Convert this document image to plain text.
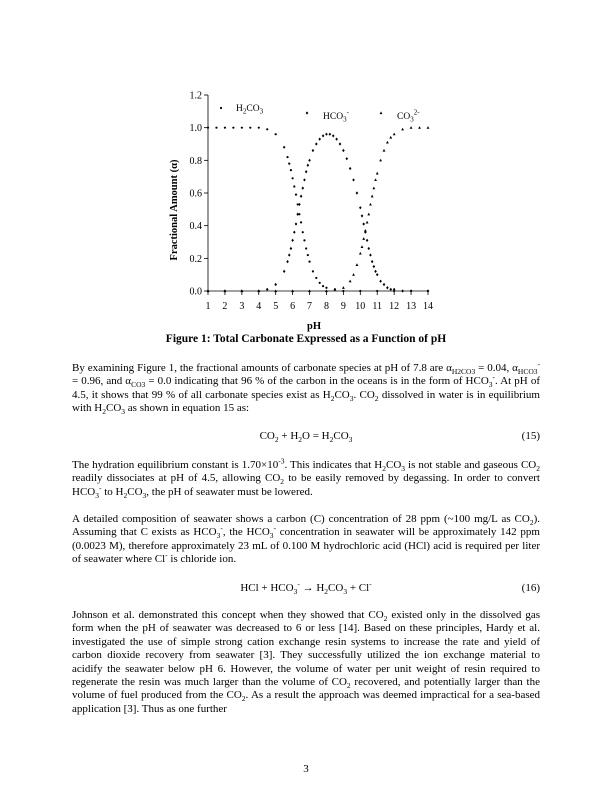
0.0
0.2
0.4
0.6
0.8
1.0
1.2
1 2 3 4 5 6 7 8 9 10 11 12 13 14
$H_2CO_3$
$HCO_3^-$	$CO_3^{2-}$
pH
Fractional Amount (α)
Figure 1: Total Carbonate Expressed as a Function of pH

By examining Figure 1, the fractional amounts of carbonate species at pH of 7.8 are $\alpha_{H2CO3} = 0.04$, $\alpha_{HCO3}^- = 0.96$, and $\alpha_{CO3} = 0.0$ indicating that 96 % of the carbon in the oceans is in the form of $HCO_3^-$. At pH of 4.5, it shows that 99 % of all carbonate species exist as $H_2CO_3$. $CO_2$ dissolved in water is in equilibrium with $H_2CO_3$ as shown in equation 15 as:

$CO_2 + H_2O = H_2CO_3$	(15)

The hydration equilibrium constant is $1.70\times 10^{-3}$. This indicates that $H_2CO_3$ is not stable and gaseous $CO_2$ readily dissociates at pH of 4.5, allowing $CO_2$ to be easily removed by degassing. In order to convert $HCO_3^-$ to $H_2CO_3$, the pH of seawater must be lowered.

A detailed composition of seawater shows a carbon (C) concentration of 28 ppm (~100 mg/L as $CO_2$). Assuming that C exists as $HCO_3^-$, the $HCO_3^-$ concentration in seawater will be approximately 142 ppm (0.0023 M), therefore approximately 23 mL of 0.100 M hydrochloric acid (HCl) acid is required per liter of seawater where Cl- is chloride ion.

HCl + $HCO_3^- \to H_2CO_3 + Cl^-$	(16)

Johnson et al. demonstrated this concept when they showed that $CO_2$ existed only in the dissolved gas form when the pH of seawater was decreased to 6 or less [14]. Based on these principles, Hardy et al. investigated the use of simple strong cation exchange resin systems to increase the rate and yield of carbon dioxide recovery from seawater [3]. They successfully utilized the ion exchange material to acidify the seawater below pH 6. However, the volume of water per unit weight of resin required to regenerate the resin was much larger than the volume of $CO_2$ recovered, and potentially larger than the volume of fuel produced from the $CO_2$. As a result the approach was deemed impractical for a sea-based application [3]. Thus as one further

3
